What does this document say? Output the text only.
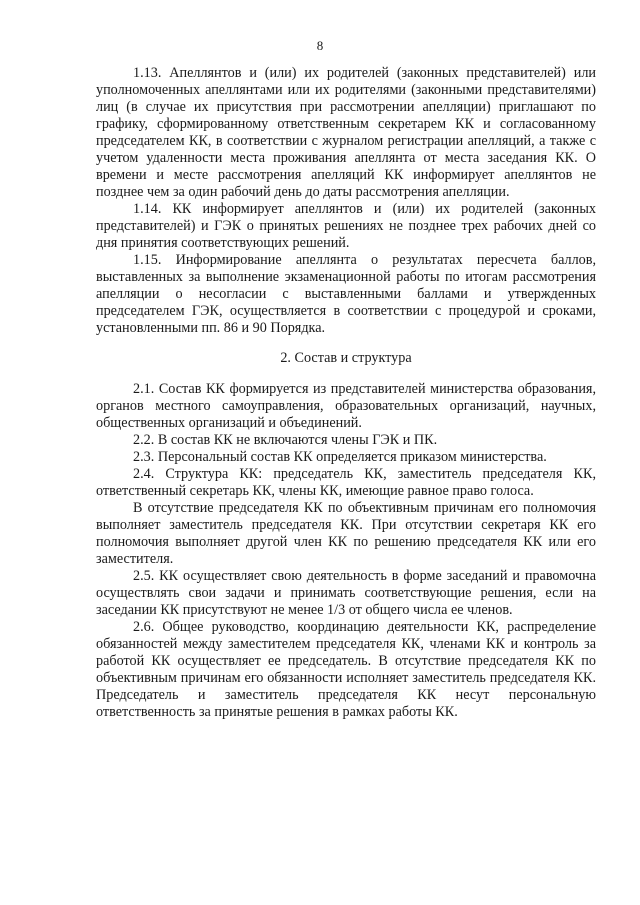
8

1.13. Апеллянтов и (или) их родителей (законных представителей) или уполномоченных апеллянтами или их родителями (законными представителями) лиц (в случае их присутствия при рассмотрении апелляции) приглашают по графику, сформированному ответственным секретарем КК и согласованному председателем КК, в соответствии с журналом регистрации апелляций, а также с учетом удаленности места проживания апеллянта от места заседания КК. О времени и месте рассмотрения апелляций КК информирует апеллянтов не позднее чем за один рабочий день до даты рассмотрения апелляции.

1.14. КК информирует апеллянтов и (или) их родителей (законных представителей) и ГЭК о принятых решениях не позднее трех рабочих дней со дня принятия соответствующих решений.

1.15. Информирование апеллянта о результатах пересчета баллов, выставленных за выполнение экзаменационной работы по итогам рассмотрения апелляции о несогласии с выставленными баллами и утвержденных председателем ГЭК, осуществляется в соответствии с процедурой и сроками, установленными пп. 86 и 90 Порядка.

2. Состав и структура

2.1. Состав КК формируется из представителей министерства образования, органов местного самоуправления, образовательных организаций, научных, общественных организаций и объединений.

2.2. В состав КК не включаются члены ГЭК и ПК.

2.3. Персональный состав КК определяется приказом министерства.

2.4. Структура КК: председатель КК, заместитель председателя КК, ответственный секретарь КК, члены КК, имеющие равное право голоса.

В отсутствие председателя КК по объективным причинам его полномочия выполняет заместитель председателя КК. При отсутствии секретаря КК его полномочия выполняет другой член КК по решению председателя КК или его заместителя.

2.5. КК осуществляет свою деятельность в форме заседаний и правомочна осуществлять свои задачи и принимать соответствующие решения, если на заседании КК присутствуют не менее 1/3 от общего числа ее членов.

2.6. Общее руководство, координацию деятельности КК, распределение обязанностей между заместителем председателя КК, членами КК и контроль за работой КК осуществляет ее председатель. В отсутствие председателя КК по объективным причинам его обязанности исполняет заместитель председателя КК. Председатель и заместитель председателя КК несут персональную ответственность за принятые решения в рамках работы КК.
